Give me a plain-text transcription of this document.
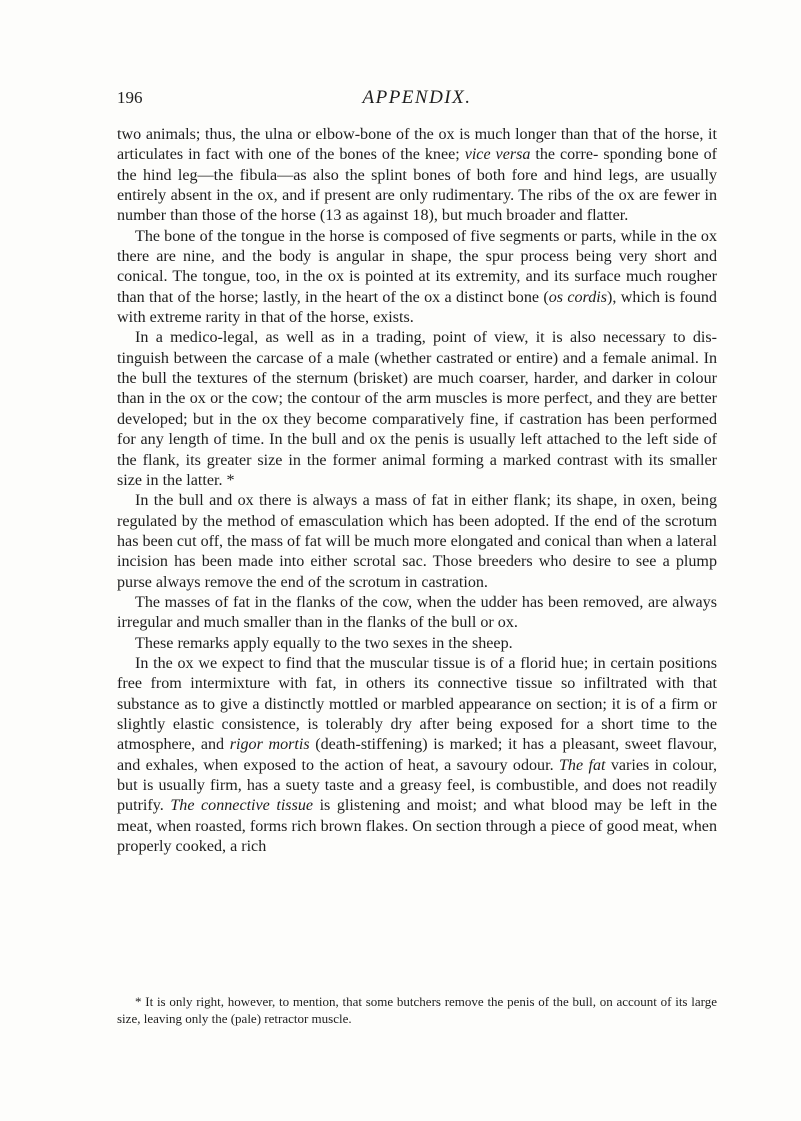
196	APPENDIX.

two animals; thus, the ulna or elbow-bone of the ox is much longer than that of the horse, it articulates in fact with one of the bones of the knee; vice versa the corre- sponding bone of the hind leg—the fibula—as also the splint bones of both fore and hind legs, are usually entirely absent in the ox, and if present are only rudimentary. The ribs of the ox are fewer in number than those of the horse (13 as against 18), but much broader and flatter.

The bone of the tongue in the horse is composed of five segments or parts, while in the ox there are nine, and the body is angular in shape, the spur process being very short and conical. The tongue, too, in the ox is pointed at its extremity, and its surface much rougher than that of the horse; lastly, in the heart of the ox a distinct bone (os cordis), which is found with extreme rarity in that of the horse, exists.

In a medico-legal, as well as in a trading, point of view, it is also necessary to dis- tinguish between the carcase of a male (whether castrated or entire) and a female animal. In the bull the textures of the sternum (brisket) are much coarser, harder, and darker in colour than in the ox or the cow; the contour of the arm muscles is more perfect, and they are better developed; but in the ox they become comparatively fine, if castration has been performed for any length of time. In the bull and ox the penis is usually left attached to the left side of the flank, its greater size in the former animal forming a marked contrast with its smaller size in the latter. *

In the bull and ox there is always a mass of fat in either flank; its shape, in oxen, being regulated by the method of emasculation which has been adopted. If the end of the scrotum has been cut off, the mass of fat will be much more elongated and conical than when a lateral incision has been made into either scrotal sac. Those breeders who desire to see a plump purse always remove the end of the scrotum in castration.

The masses of fat in the flanks of the cow, when the udder has been removed, are always irregular and much smaller than in the flanks of the bull or ox.

These remarks apply equally to the two sexes in the sheep.

In the ox we expect to find that the muscular tissue is of a florid hue; in certain positions free from intermixture with fat, in others its connective tissue so infiltrated with that substance as to give a distinctly mottled or marbled appearance on section; it is of a firm or slightly elastic consistence, is tolerably dry after being exposed for a short time to the atmosphere, and rigor mortis (death-stiffening) is marked; it has a pleasant, sweet flavour, and exhales, when exposed to the action of heat, a savoury odour. The fat varies in colour, but is usually firm, has a suety taste and a greasy feel, is combustible, and does not readily putrify. The connective tissue is glistening and moist; and what blood may be left in the meat, when roasted, forms rich brown flakes. On section through a piece of good meat, when properly cooked, a rich

* It is only right, however, to mention, that some butchers remove the penis of the bull, on account of its large size, leaving only the (pale) retractor muscle.
